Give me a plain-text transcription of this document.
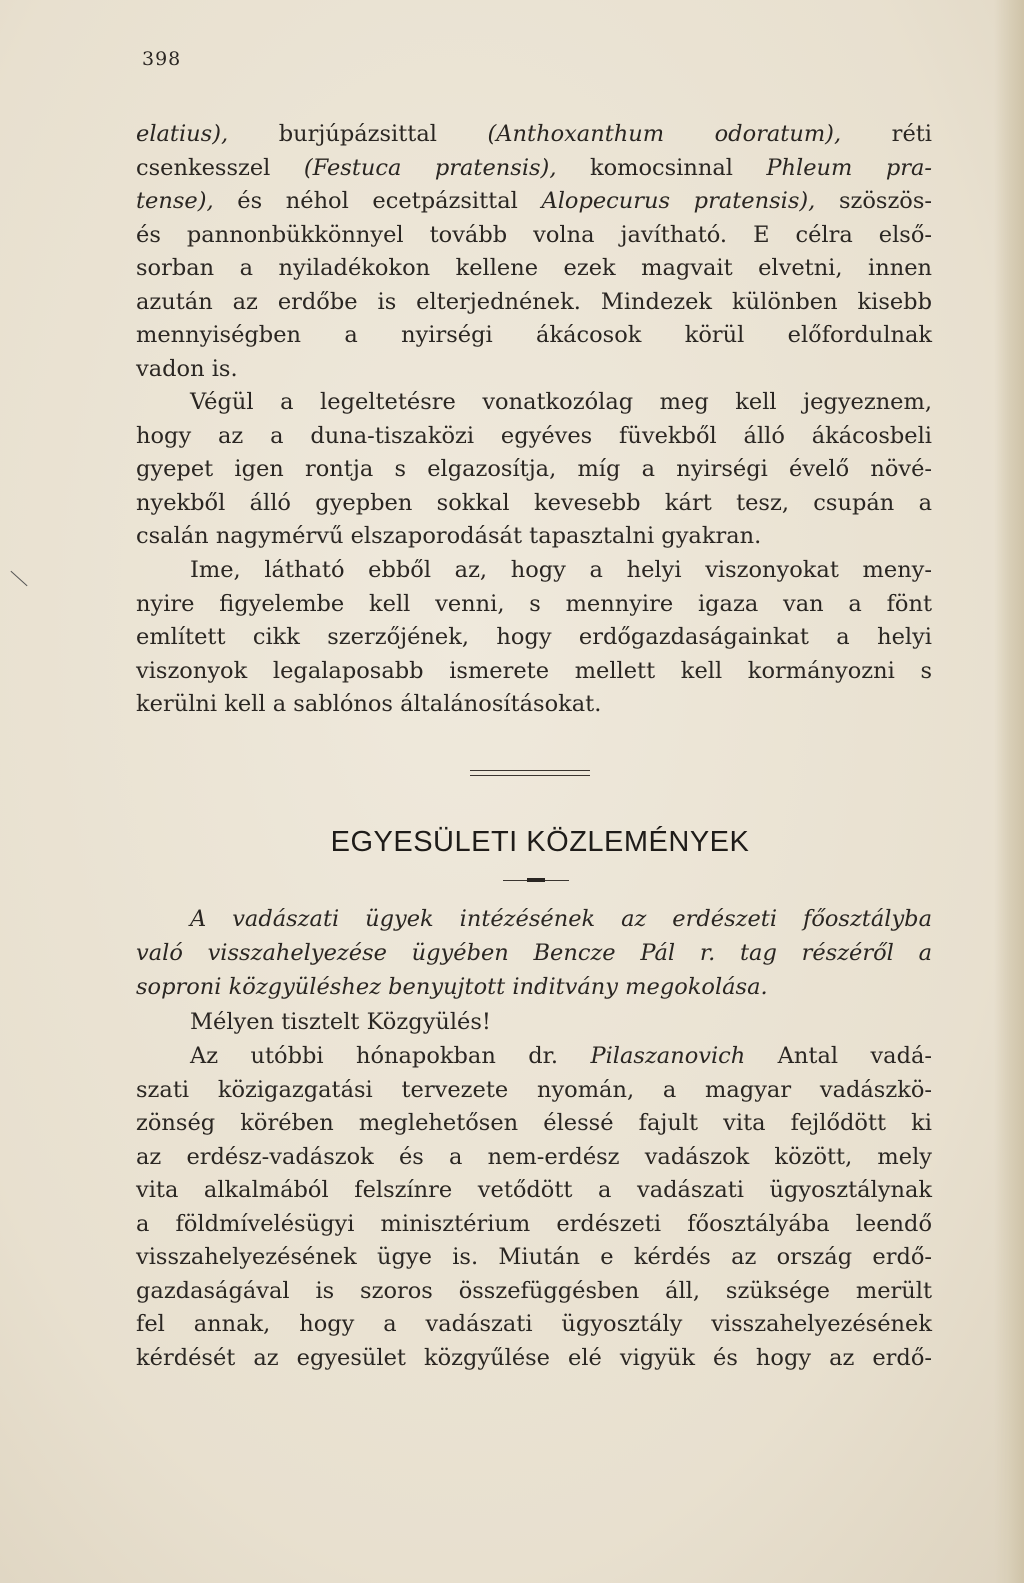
398

elatius), burjúpázsittal (Anthoxanthum odoratum), réti

csenkesszel (Festuca pratensis), komocsinnal Phleum pra-

tense), és néhol ecetpázsittal Alopecurus pratensis), szöszös-

és pannonbükkönnyel tovább volna javítható. E célra első-

sorban a nyiladékokon kellene ezek magvait elvetni, innen

azután az erdőbe is elterjednének. Mindezek különben kisebb

mennyiségben a nyirségi ákácosok körül előfordulnak

vadon is.

Végül a legeltetésre vonatkozólag meg kell jegyeznem,

hogy az a duna-tiszaközi egyéves füvekből álló ákácosbeli

gyepet igen rontja s elgazosítja, míg a nyirségi évelő növé-

nyekből álló gyepben sokkal kevesebb kárt tesz, csupán a

csalán nagymérvű elszaporodását tapasztalni gyakran.

Ime, látható ebből az, hogy a helyi viszonyokat meny-

nyire figyelembe kell venni, s mennyire igaza van a fönt

említett cikk szerzőjének, hogy erdőgazdaságainkat a helyi

viszonyok legalaposabb ismerete mellett kell kormányozni s

kerülni kell a sablónos általánosításokat.

EGYESÜLETI KÖZLEMÉNYEK

A vadászati ügyek intézésének az erdészeti főosztályba

való visszahelyezése ügyében Bencze Pál r. tag részéről a

soproni közgyüléshez benyujtott inditvány megokolása.

Mélyen tisztelt Közgyülés!

Az utóbbi hónapokban dr. Pilaszanovich Antal vadá-

szati közigazgatási tervezete nyomán, a magyar vadászkö-

zönség körében meglehetősen élessé fajult vita fejlődött ki

az erdész-vadászok és a nem-erdész vadászok között, mely

vita alkalmából felszínre vetődött a vadászati ügyosztálynak

a földmívelésügyi minisztérium erdészeti főosztályába leendő

visszahelyezésének ügye is. Miután e kérdés az ország erdő-

gazdaságával is szoros összefüggésben áll, szüksége merült

fel annak, hogy a vadászati ügyosztály visszahelyezésének

kérdését az egyesület közgyűlése elé vigyük és hogy az erdő-
